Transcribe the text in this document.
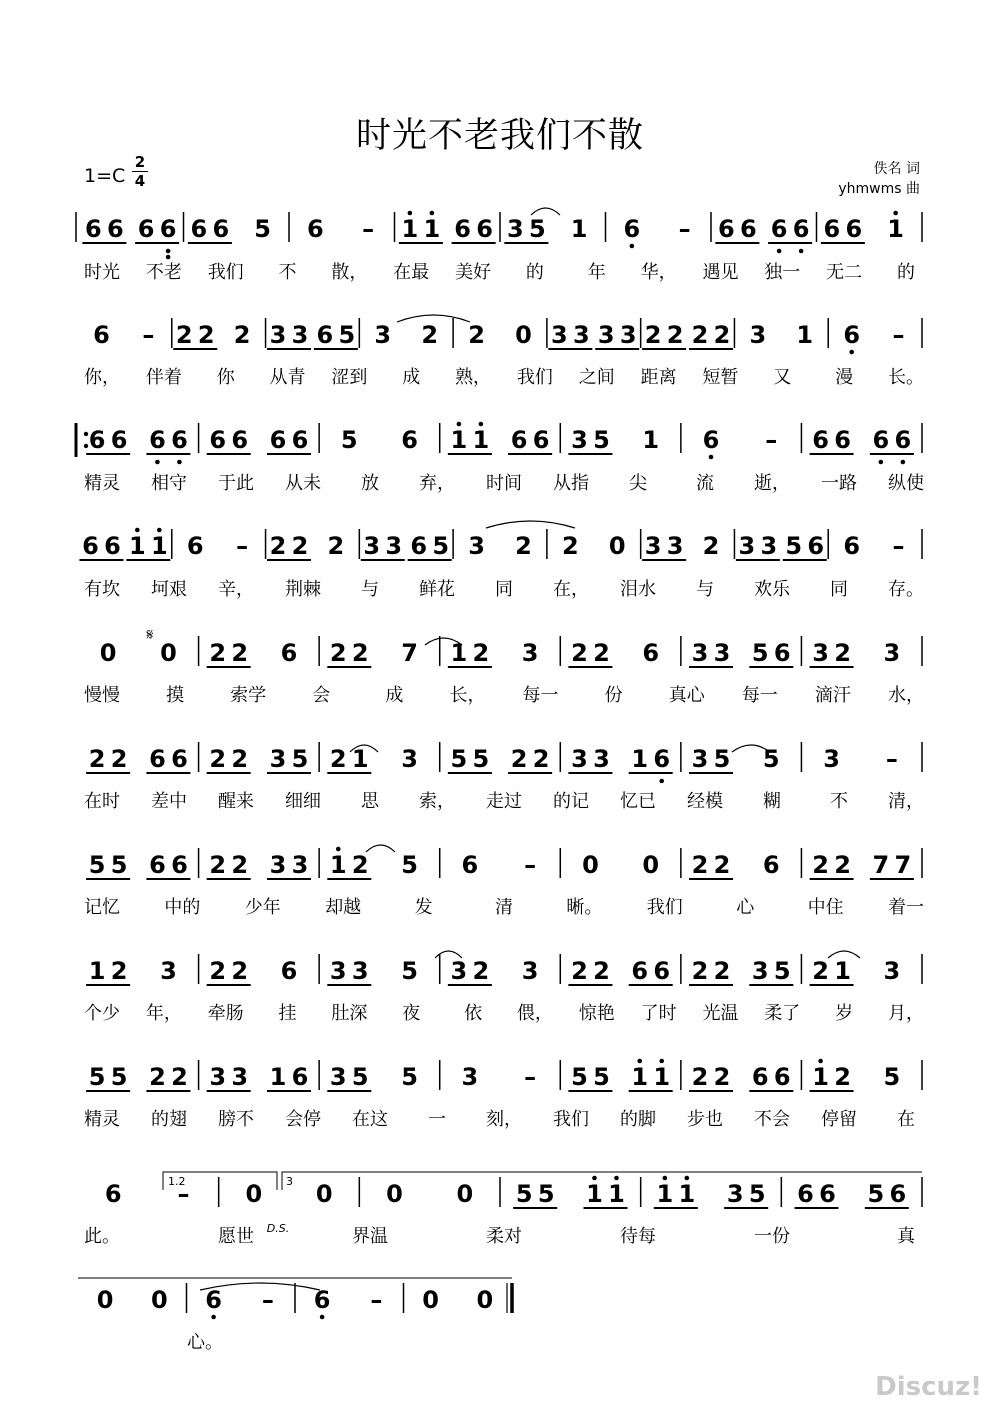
时光不老我们不散
$1=C \frac{2}{4}$	佚名 词
yhmwms 曲
Discuz!
6 6 6 6 6 6 5 6 – 1 1 6 6 3 5 1 6 – 6 6 6 6 6 6 1
时光 不老 我们 不 散， 在最 美好 的 年 华， 遇见 独一 无二 的
6 – 2 2 2 3 3 6 5 3 2 2 0 3 3 3 3 2 2 2 2 3 1 6 –
你， 伴着 你 从青 涩到 成 熟， 我们 之间 距离 短暂 又 漫 长。
6 6 6 6 6 6 6 6 5 6 1 1 6 6 3 5 1 6 – 6 6 6 6
精灵 相守 于此 从未 放 弃， 时间 从指 尖	流 逝， 一路 纵使
6 6 1 1 6 – 2 2 2 3 3 6 5 3 2 2 0 3 3 2 3 3 5 6 6 –
有坎 坷艰 辛， 荆棘 与 鲜花 同 在， 泪水 与 欢乐 同 存。
0 0 2 2 6 2 2 7 1 2 3 2 2 6 3 3 5 6 3 2 3
慢慢	摸	索学	会	成	长， 每一	份	真心 每一 滴汗 水，
2 2 6 6 2 2 3 5 2 1 3 5 5 2 2 3 3 1 6 3 5 5 3 –
在时 差中 醒来 细细 思 索， 走过 的记 忆已 经模 糊	不 清，
5 5 6 6 2 2 3 3 1 2 5 6 – 0 0 2 2 6 2 2 7 7
记忆 中的 少年 却越	发	清	晰。 我们	心	中住 着一
1 2 3 2 2 6 3 3 5 3 2 3 2 2 6 6 2 2 3 5 2 1 3
个少 年， 牵肠 挂 肚深 夜 依 偎， 惊艳 了时 光温 柔了 岁 月，
5 5 2 2 3 3 1 6 3 5 5 3 – 5 5 1 1 2 2 6 6 1 2 5
精灵 的翅 膀不 会停 在这 一 刻， 我们 的脚 步也 不会 停留 在
6 – 0 0 0 0 5 5 1 1 1 1 3 5 6 6 5 6
此。	愿世	界温	柔对	待每	一份	真
0 0 6 – 6 – 0 0
心。
𝄋
1.2	3
D.S.
